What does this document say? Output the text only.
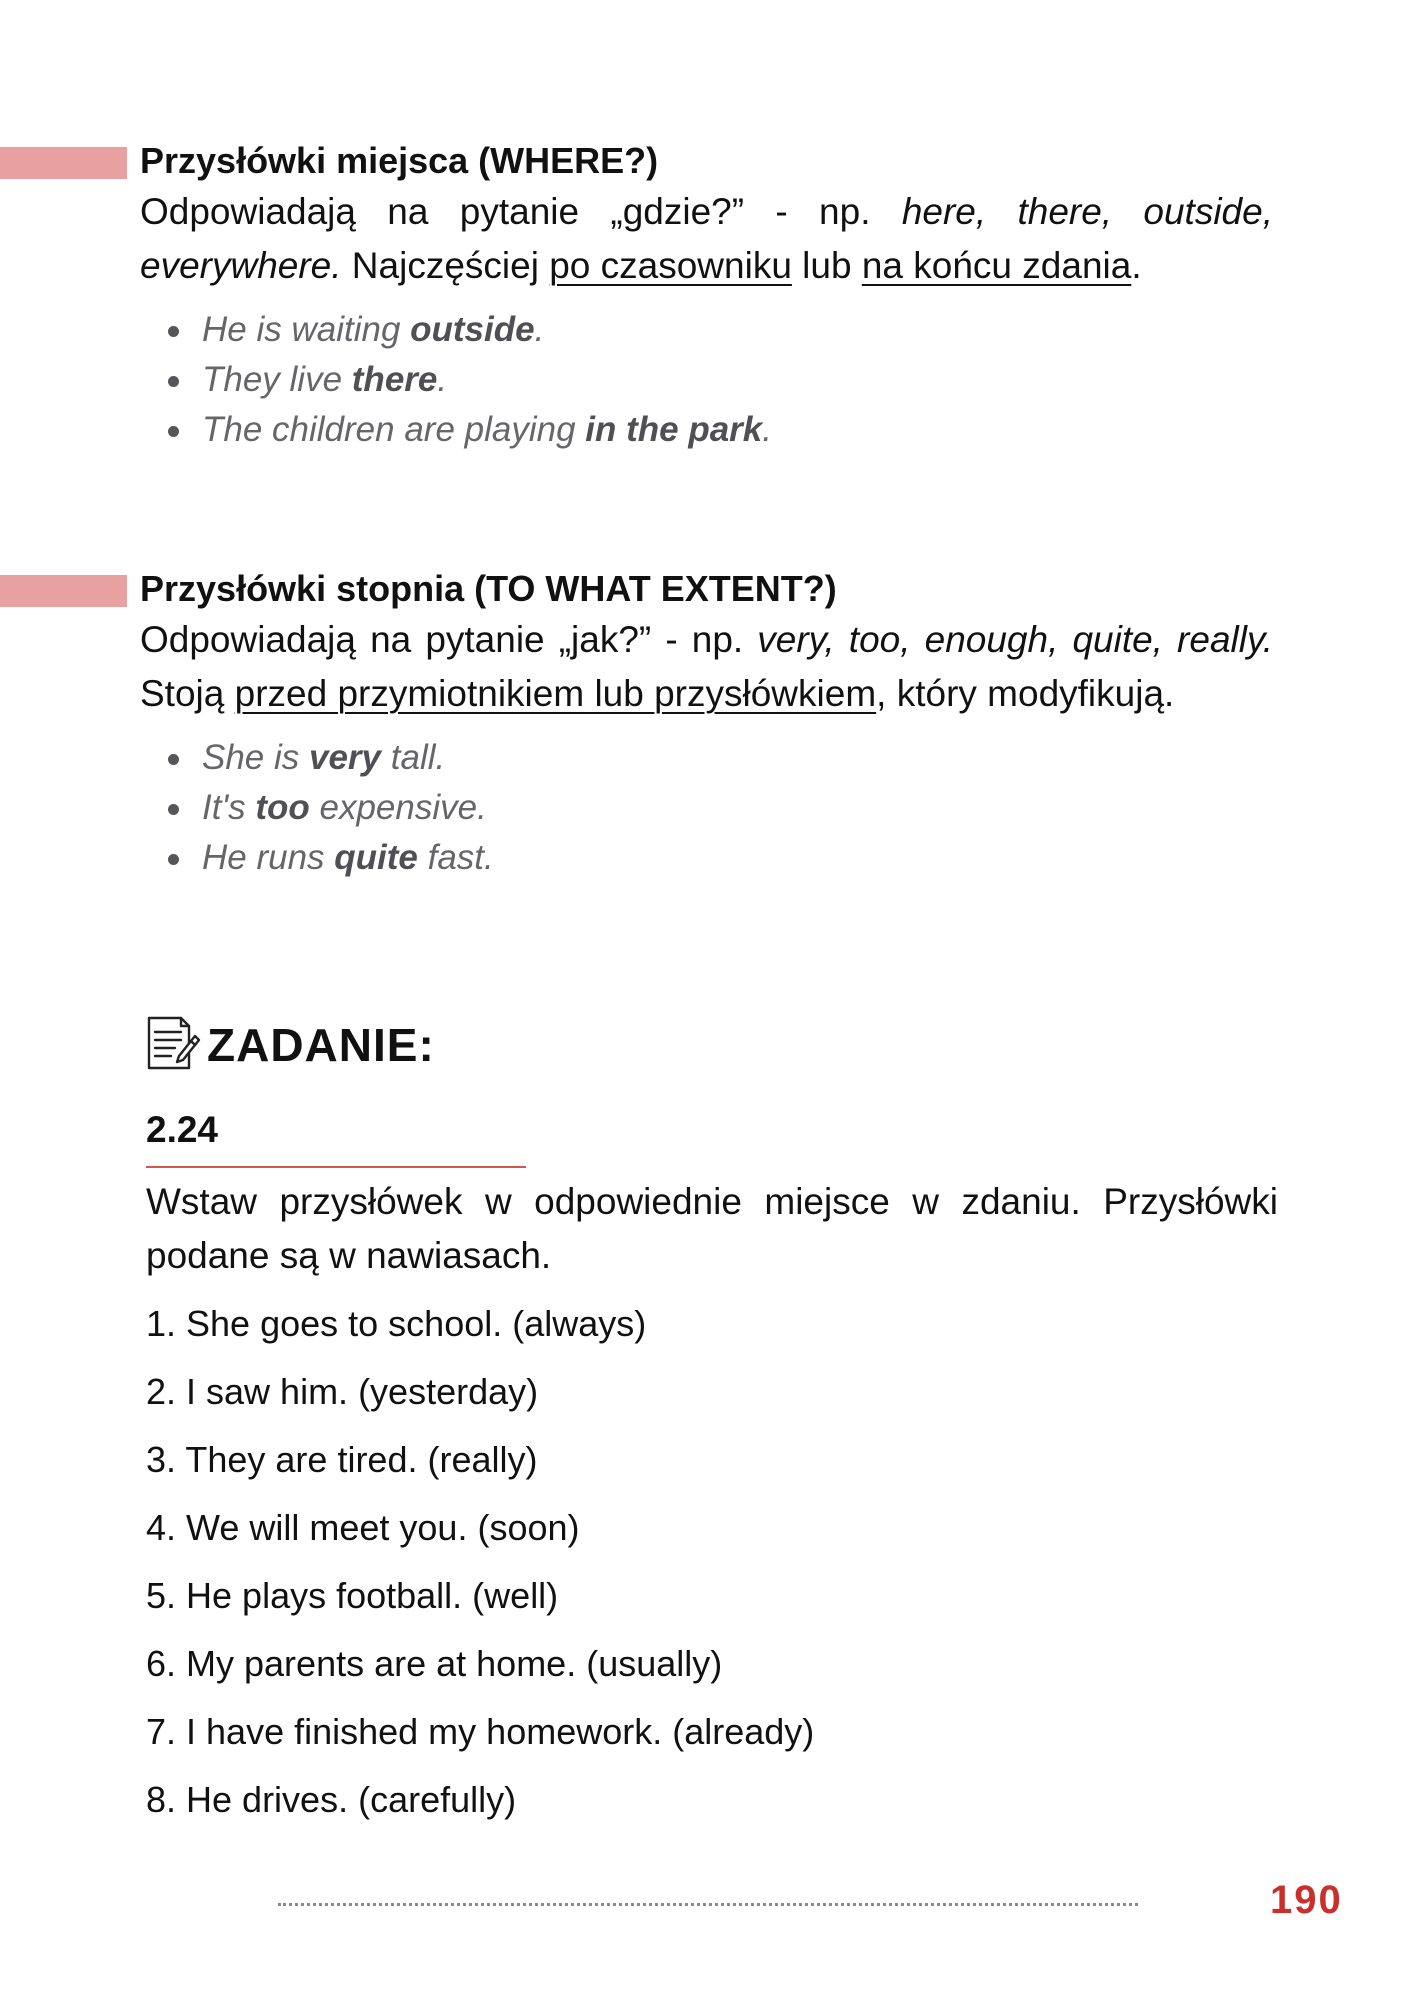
Przysłówki miejsca (WHERE?)
Odpowiadają na pytanie „gdzie?” - np. here, there, outside, everywhere. Najczęściej po czasowniku lub na końcu zdania.
He is waiting outside.
They live there.
The children are playing in the park.
Przysłówki stopnia (TO WHAT EXTENT?)
Odpowiadają na pytanie „jak?” - np. very, too, enough, quite, really. Stoją przed przymiotnikiem lub przysłówkiem, który modyfikują.
She is very tall.
It's too expensive.
He runs quite fast.
ZADANIE:
2.24
Wstaw przysłówek w odpowiednie miejsce w zdaniu. Przysłówki podane są w nawiasach.
1. She goes to school. (always)
2. I saw him. (yesterday)
3. They are tired. (really)
4. We will meet you. (soon)
5. He plays football. (well)
6. My parents are at home. (usually)
7. I have finished my homework. (already)
8. He drives. (carefully)
190
